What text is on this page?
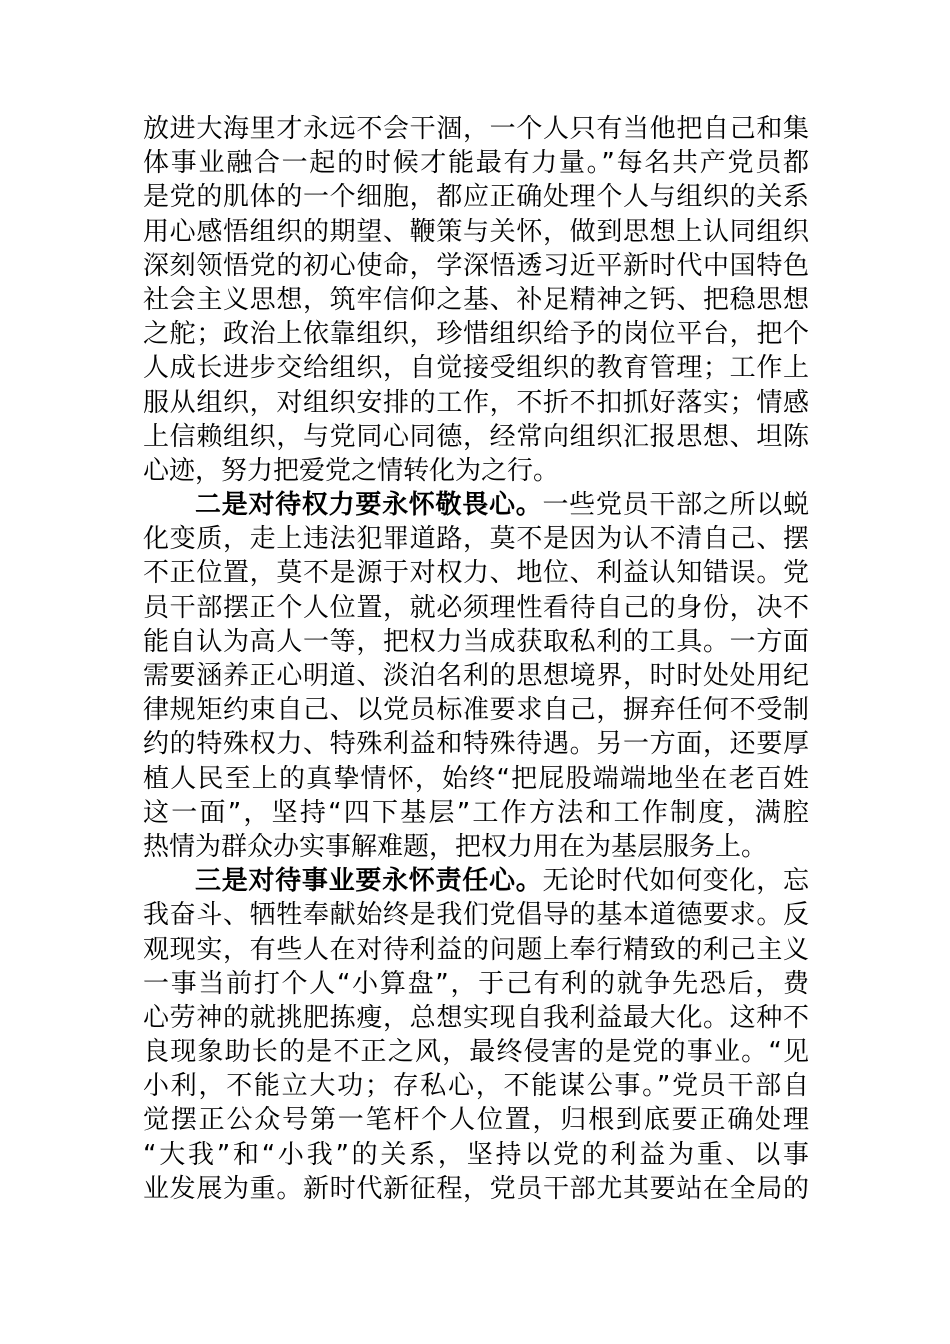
放进大海里才永远不会干涸，一个人只有当他把自己和集
体事业融合一起的时候才能最有力量。”每名共产党员都
是党的肌体的一个细胞，都应正确处理个人与组织的关系
用心感悟组织的期望、鞭策与关怀，做到思想上认同组织
深刻领悟党的初心使命，学深悟透习近平新时代中国特色
社会主义思想，筑牢信仰之基、补足精神之钙、把稳思想
之舵；政治上依靠组织，珍惜组织给予的岗位平台，把个
人成长进步交给组织，自觉接受组织的教育管理；工作上
服从组织，对组织安排的工作，不折不扣抓好落实；情感
上信赖组织，与党同心同德，经常向组织汇报思想、坦陈
心迹，努力把爱党之情转化为之行。
二是对待权力要永怀敬畏心。一些党员干部之所以蜕
化变质，走上违法犯罪道路，莫不是因为认不清自己、摆
不正位置，莫不是源于对权力、地位、利益认知错误。党
员干部摆正个人位置，就必须理性看待自己的身份，决不
能自认为高人一等，把权力当成获取私利的工具。一方面
需要涵养正心明道、淡泊名利的思想境界，时时处处用纪
律规矩约束自己、以党员标准要求自己，摒弃任何不受制
约的特殊权力、特殊利益和特殊待遇。另一方面，还要厚
植人民至上的真挚情怀，始终“把屁股端端地坐在老百姓
这一面”，坚持“四下基层”工作方法和工作制度，满腔
热情为群众办实事解难题，把权力用在为基层服务上。
三是对待事业要永怀责任心。无论时代如何变化，忘
我奋斗、牺牲奉献始终是我们党倡导的基本道德要求。反
观现实，有些人在对待利益的问题上奉行精致的利己主义
一事当前打个人“小算盘”，于己有利的就争先恐后，费
心劳神的就挑肥拣瘦，总想实现自我利益最大化。这种不
良现象助长的是不正之风，最终侵害的是党的事业。“见
小利，不能立大功；存私心，不能谋公事。”党员干部自
觉摆正公众号第一笔杆个人位置，归根到底要正确处理
“大我”和“小我”的关系，坚持以党的利益为重、以事
业发展为重。新时代新征程，党员干部尤其要站在全局的
